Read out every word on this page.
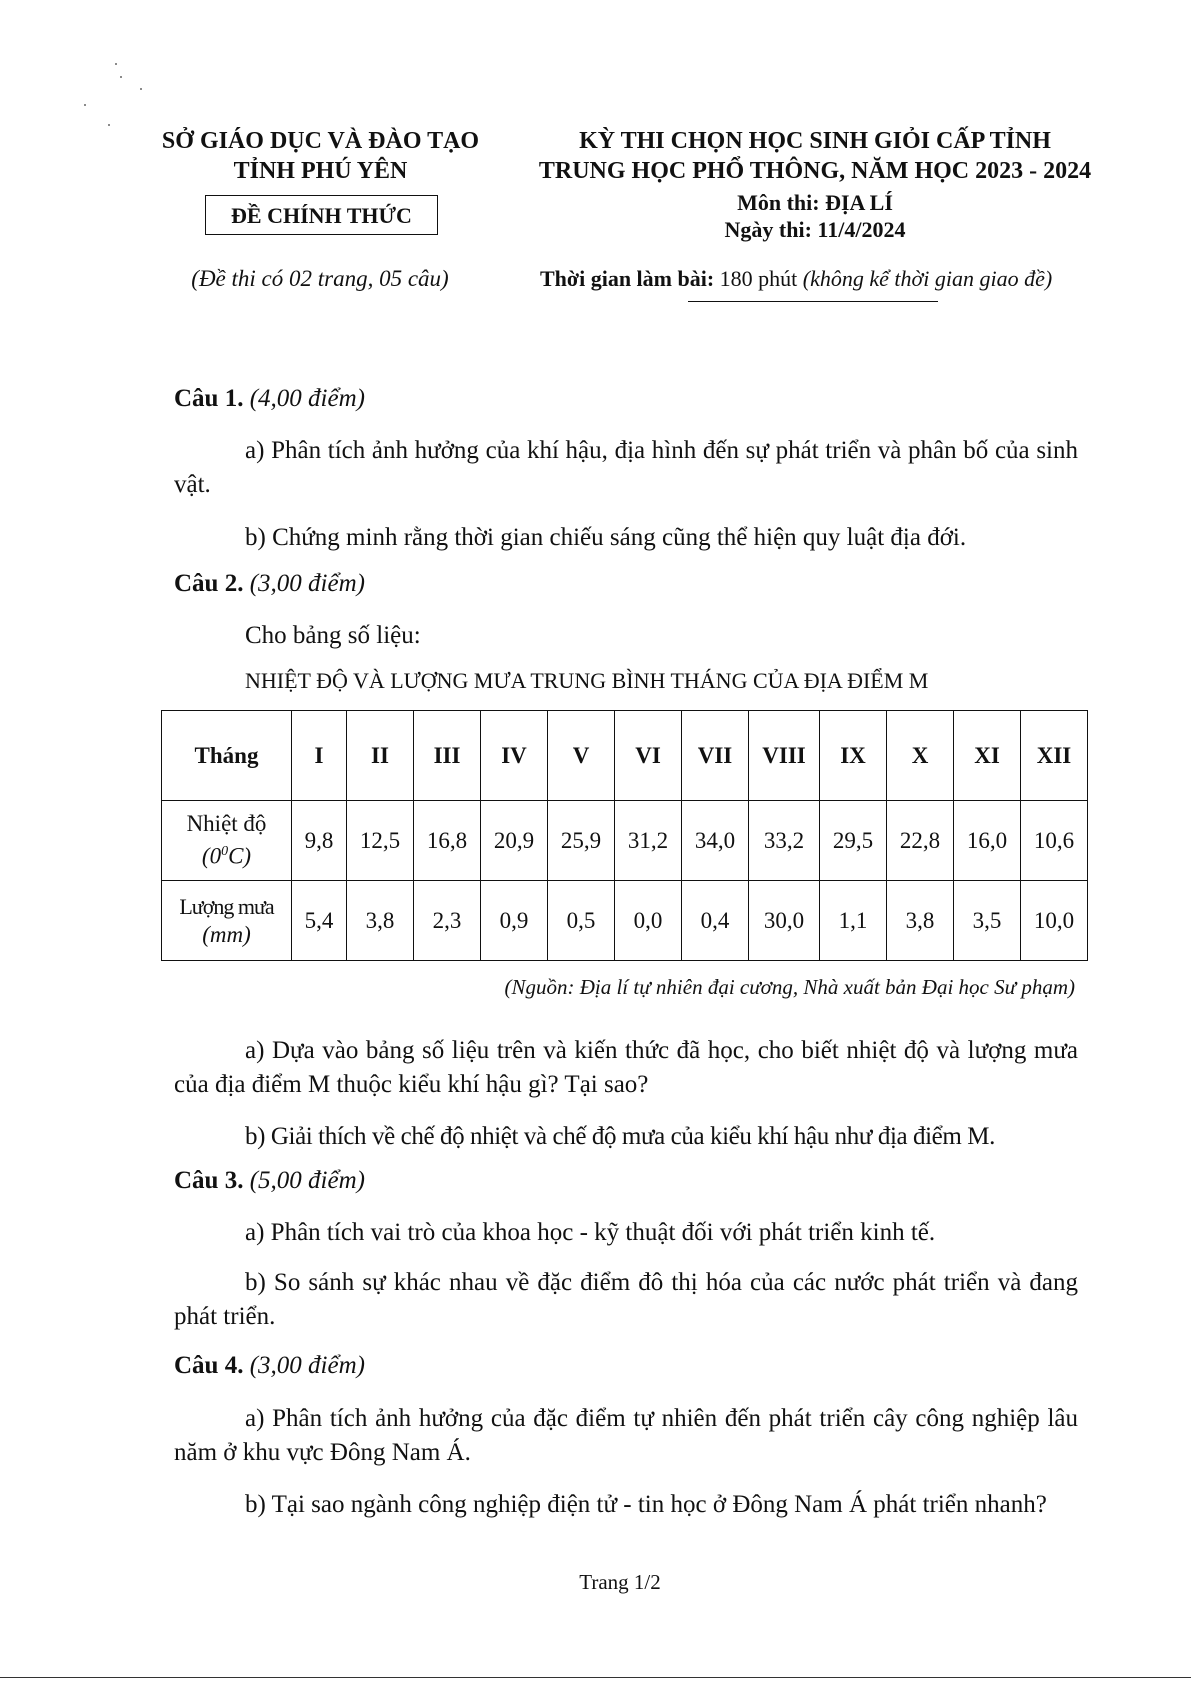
SỞ GIÁO DỤC VÀ ĐÀO TẠO
TỈNH PHÚ YÊN
ĐỀ CHÍNH THỨC
(Đề thi có 02 trang, 05 câu)
KỲ THI CHỌN HỌC SINH GIỎI CẤP TỈNH
TRUNG HỌC PHỔ THÔNG, NĂM HỌC 2023 - 2024
Môn thi: ĐỊA LÍ
Ngày thi: 11/4/2024
Thời gian làm bài: 180 phút (không kể thời gian giao đề)
Câu 1. (4,00 điểm)
a) Phân tích ảnh hưởng của khí hậu, địa hình đến sự phát triển và phân bố của sinh vật.
b) Chứng minh rằng thời gian chiếu sáng cũng thể hiện quy luật địa đới.
Câu 2. (3,00 điểm)
Cho bảng số liệu:
NHIỆT ĐỘ VÀ LƯỢNG MƯA TRUNG BÌNH THÁNG CỦA ĐỊA ĐIỂM M
Tháng	I	II	III	IV	V	VI	VII	VIII	IX	X	XI	XII

Nhiệt độ
$(0^0C)$	9,8	12,5	16,8	20,9	25,9	31,2	34,0	33,2	29,5	22,8	16,0	10,6

Lượng mưa
(mm)	5,4	3,8	2,3	0,9	0,5	0,0	0,4	30,0	1,1	3,8	3,5	10,0
(Nguồn: Địa lí tự nhiên đại cương, Nhà xuất bản Đại học Sư phạm)
a) Dựa vào bảng số liệu trên và kiến thức đã học, cho biết nhiệt độ và lượng mưa của địa điểm M thuộc kiểu khí hậu gì? Tại sao?
b) Giải thích về chế độ nhiệt và chế độ mưa của kiểu khí hậu như địa điểm M.
Câu 3. (5,00 điểm)
a) Phân tích vai trò của khoa học - kỹ thuật đối với phát triển kinh tế.
b) So sánh sự khác nhau về đặc điểm đô thị hóa của các nước phát triển và đang phát triển.
Câu 4. (3,00 điểm)
a) Phân tích ảnh hưởng của đặc điểm tự nhiên đến phát triển cây công nghiệp lâu năm ở khu vực Đông Nam Á.
b) Tại sao ngành công nghiệp điện tử - tin học ở Đông Nam Á phát triển nhanh?
Trang 1/2
